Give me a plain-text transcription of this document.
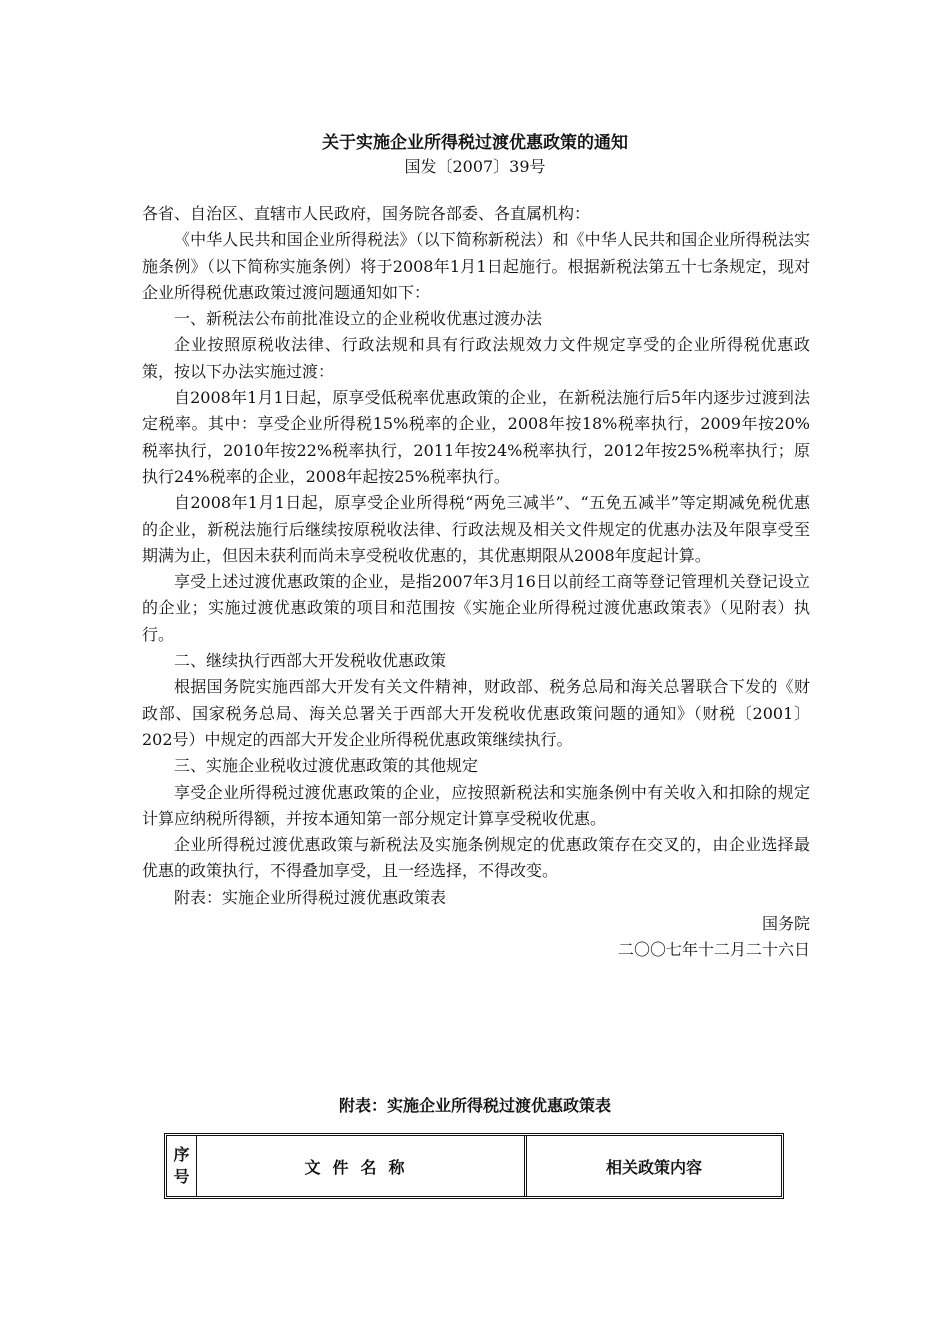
关于实施企业所得税过渡优惠政策的通知
国发〔2007〕39号

各省、自治区、直辖市人民政府，国务院各部委、各直属机构：

《中华人民共和国企业所得税法》（以下简称新税法）和《中华人民共和国企业所得税法实施条例》（以下简称实施条例）将于2008年1月1日起施行。根据新税法第五十七条规定，现对企业所得税优惠政策过渡问题通知如下：

一、新税法公布前批准设立的企业税收优惠过渡办法

企业按照原税收法律、行政法规和具有行政法规效力文件规定享受的企业所得税优惠政策，按以下办法实施过渡：

自2008年1月1日起，原享受低税率优惠政策的企业，在新税法施行后5年内逐步过渡到法定税率。其中：享受企业所得税15%税率的企业，2008年按18%税率执行，2009年按20%税率执行，2010年按22%税率执行，2011年按24%税率执行，2012年按25%税率执行；原执行24%税率的企业，2008年起按25%税率执行。

自2008年1月1日起，原享受企业所得税“两免三减半”、“五免五减半”等定期减免税优惠的企业，新税法施行后继续按原税收法律、行政法规及相关文件规定的优惠办法及年限享受至期满为止，但因未获利而尚未享受税收优惠的，其优惠期限从2008年度起计算。

享受上述过渡优惠政策的企业，是指2007年3月16日以前经工商等登记管理机关登记设立的企业；实施过渡优惠政策的项目和范围按《实施企业所得税过渡优惠政策表》（见附表）执行。

二、继续执行西部大开发税收优惠政策

根据国务院实施西部大开发有关文件精神，财政部、税务总局和海关总署联合下发的《财政部、国家税务总局、海关总署关于西部大开发税收优惠政策问题的通知》（财税〔2001〕202号）中规定的西部大开发企业所得税优惠政策继续执行。

三、实施企业税收过渡优惠政策的其他规定

享受企业所得税过渡优惠政策的企业，应按照新税法和实施条例中有关收入和扣除的规定计算应纳税所得额，并按本通知第一部分规定计算享受税收优惠。

企业所得税过渡优惠政策与新税法及实施条例规定的优惠政策存在交叉的，由企业选择最优惠的政策执行，不得叠加享受，且一经选择，不得改变。

附表：实施企业所得税过渡优惠政策表

国务院

二〇〇七年十二月二十六日

附表：实施企业所得税过渡优惠政策表
序号	文件名称	相关政策内容
